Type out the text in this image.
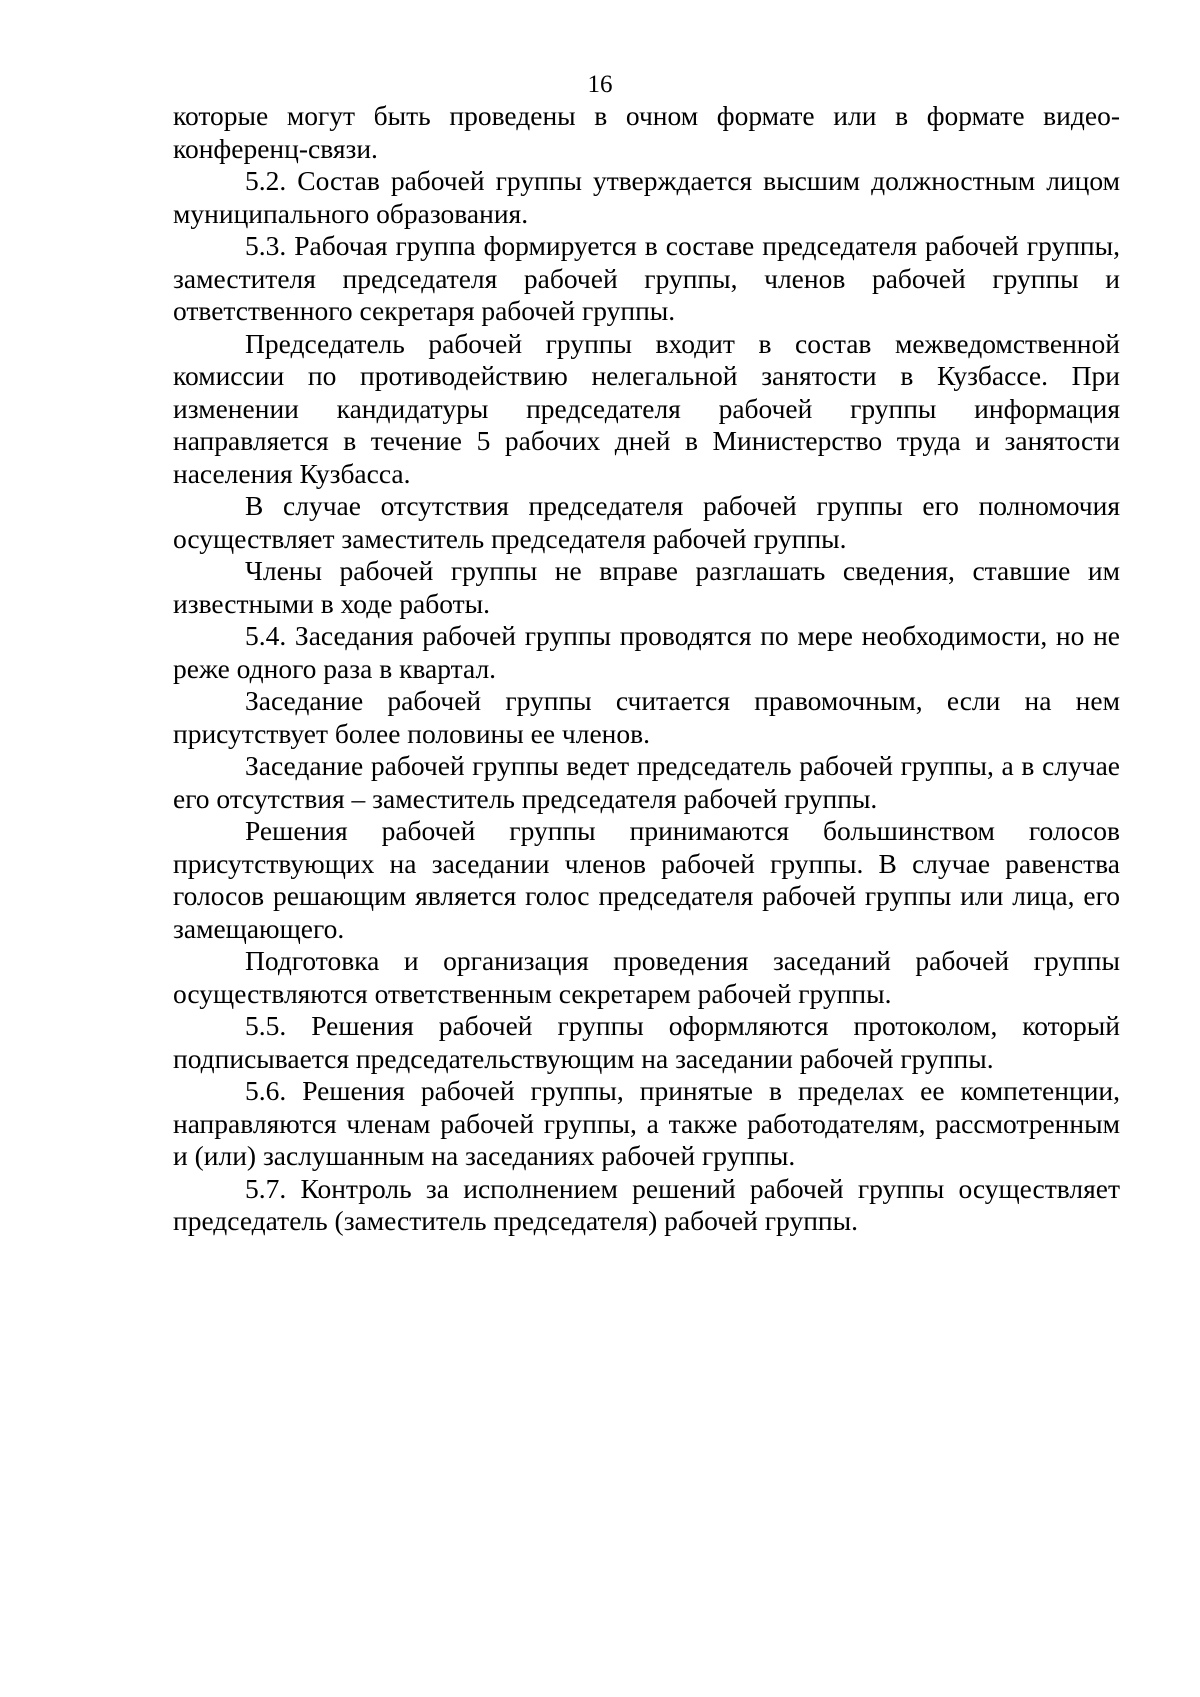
16

которые могут быть проведены в очном формате или в формате видео-конференц-связи.

5.2. Состав рабочей группы утверждается высшим должностным лицом муниципального образования.

5.3. Рабочая группа формируется в составе председателя рабочей группы, заместителя председателя рабочей группы, членов рабочей группы и ответственного секретаря рабочей группы.

Председатель рабочей группы входит в состав межведомственной комиссии по противодействию нелегальной занятости в Кузбассе. При изменении кандидатуры председателя рабочей группы информация направляется в течение 5 рабочих дней в Министерство труда и занятости населения Кузбасса.

В случае отсутствия председателя рабочей группы его полномочия осуществляет заместитель председателя рабочей группы.

Члены рабочей группы не вправе разглашать сведения, ставшие им известными в ходе работы.

5.4. Заседания рабочей группы проводятся по мере необходимости, но не реже одного раза в квартал.

Заседание рабочей группы считается правомочным, если на нем присутствует более половины ее членов.

Заседание рабочей группы ведет председатель рабочей группы, а в случае его отсутствия – заместитель председателя рабочей группы.

Решения рабочей группы принимаются большинством голосов присутствующих на заседании членов рабочей группы. В случае равенства голосов решающим является голос председателя рабочей группы или лица, его замещающего.

Подготовка и организация проведения заседаний рабочей группы осуществляются ответственным секретарем рабочей группы.

5.5. Решения рабочей группы оформляются протоколом, который подписывается председательствующим на заседании рабочей группы.

5.6. Решения рабочей группы, принятые в пределах ее компетенции, направляются членам рабочей группы, а также работодателям, рассмотренным и (или) заслушанным на заседаниях рабочей группы.

5.7. Контроль за исполнением решений рабочей группы осуществляет председатель (заместитель председателя) рабочей группы.
